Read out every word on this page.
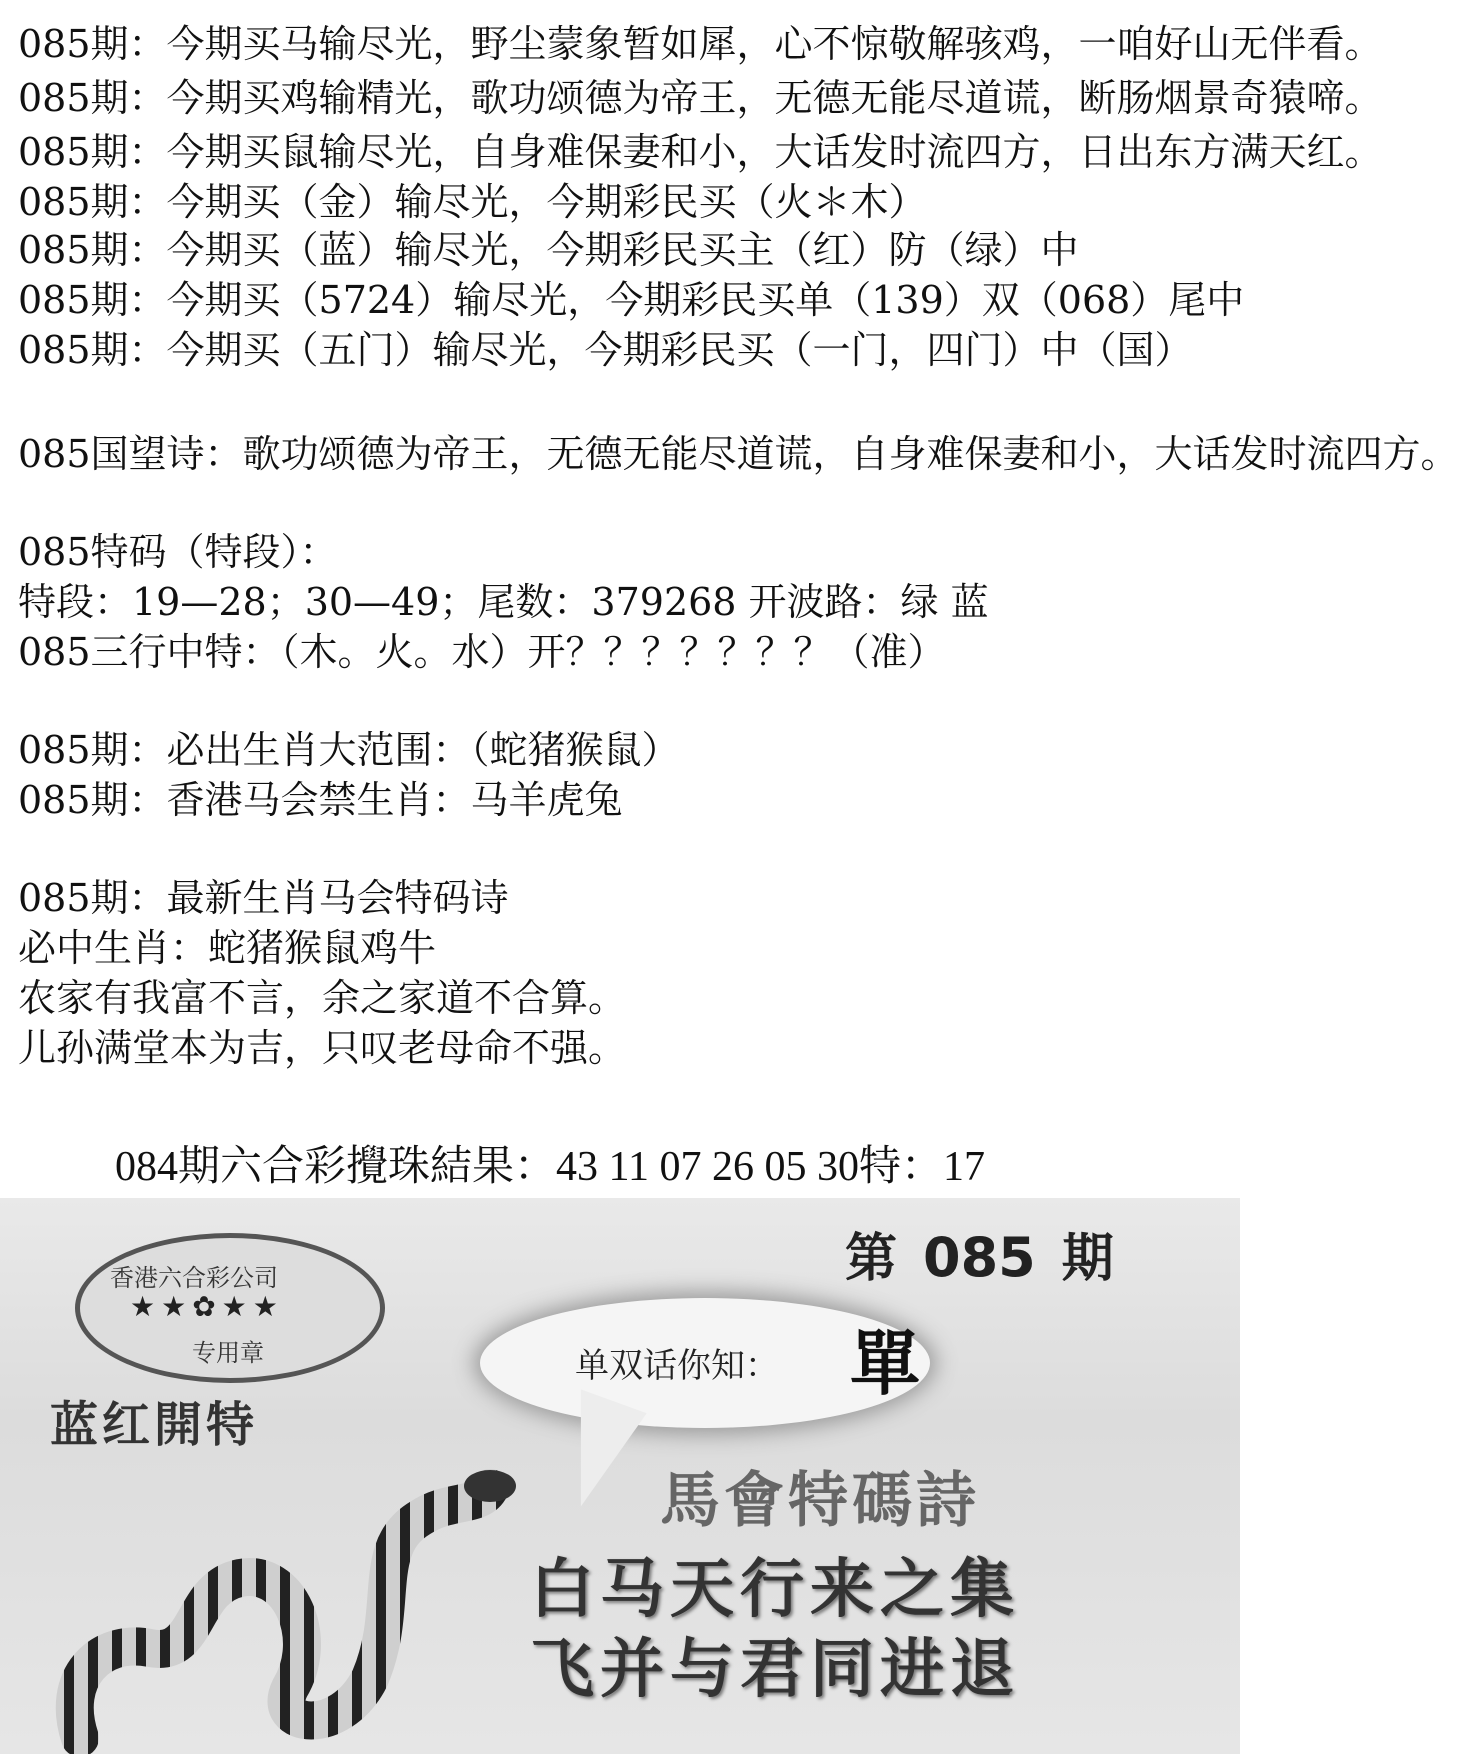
085期：今期买马输尽光，野尘蒙象暂如犀，心不惊敬解骇鸡，一咱好山无伴看。
085期：今期买鸡输精光，歌功颂德为帝王，无德无能尽道谎，断肠烟景奇猿啼。
085期：今期买鼠输尽光，自身难保妻和小，大话发时流四方，日出东方满天红。
085期：今期买（金）输尽光，今期彩民买（火＊木）
085期：今期买（蓝）输尽光，今期彩民买主（红）防（绿）中
085期：今期买（5724）输尽光，今期彩民买单（139）双（068）尾中
085期：今期买（五门）输尽光，今期彩民买（一门，四门）中（国）
085国望诗：歌功颂德为帝王，无德无能尽道谎，自身难保妻和小，大话发时流四方。
085特码（特段）：
特段：19—28；30—49；尾数：379268 开波路：绿 蓝
085三行中特：（木。火。水）开？？？？？？？（准）
085期：必出生肖大范围：（蛇猪猴鼠）
085期：香港马会禁生肖：马羊虎兔
085期：最新生肖马会特码诗
必中生肖：蛇猪猴鼠鸡牛
农家有我富不言，余之家道不合算。
儿孙满堂本为吉，只叹老母命不强。
084期六合彩攪珠結果：43 11 07 26 05 30特：17
香港六合彩公司
★★✿★★
专用章
蓝红開特
第 085 期
单双话你知： 單
馬會特碼詩
白马天行来之集
飞并与君同进退
